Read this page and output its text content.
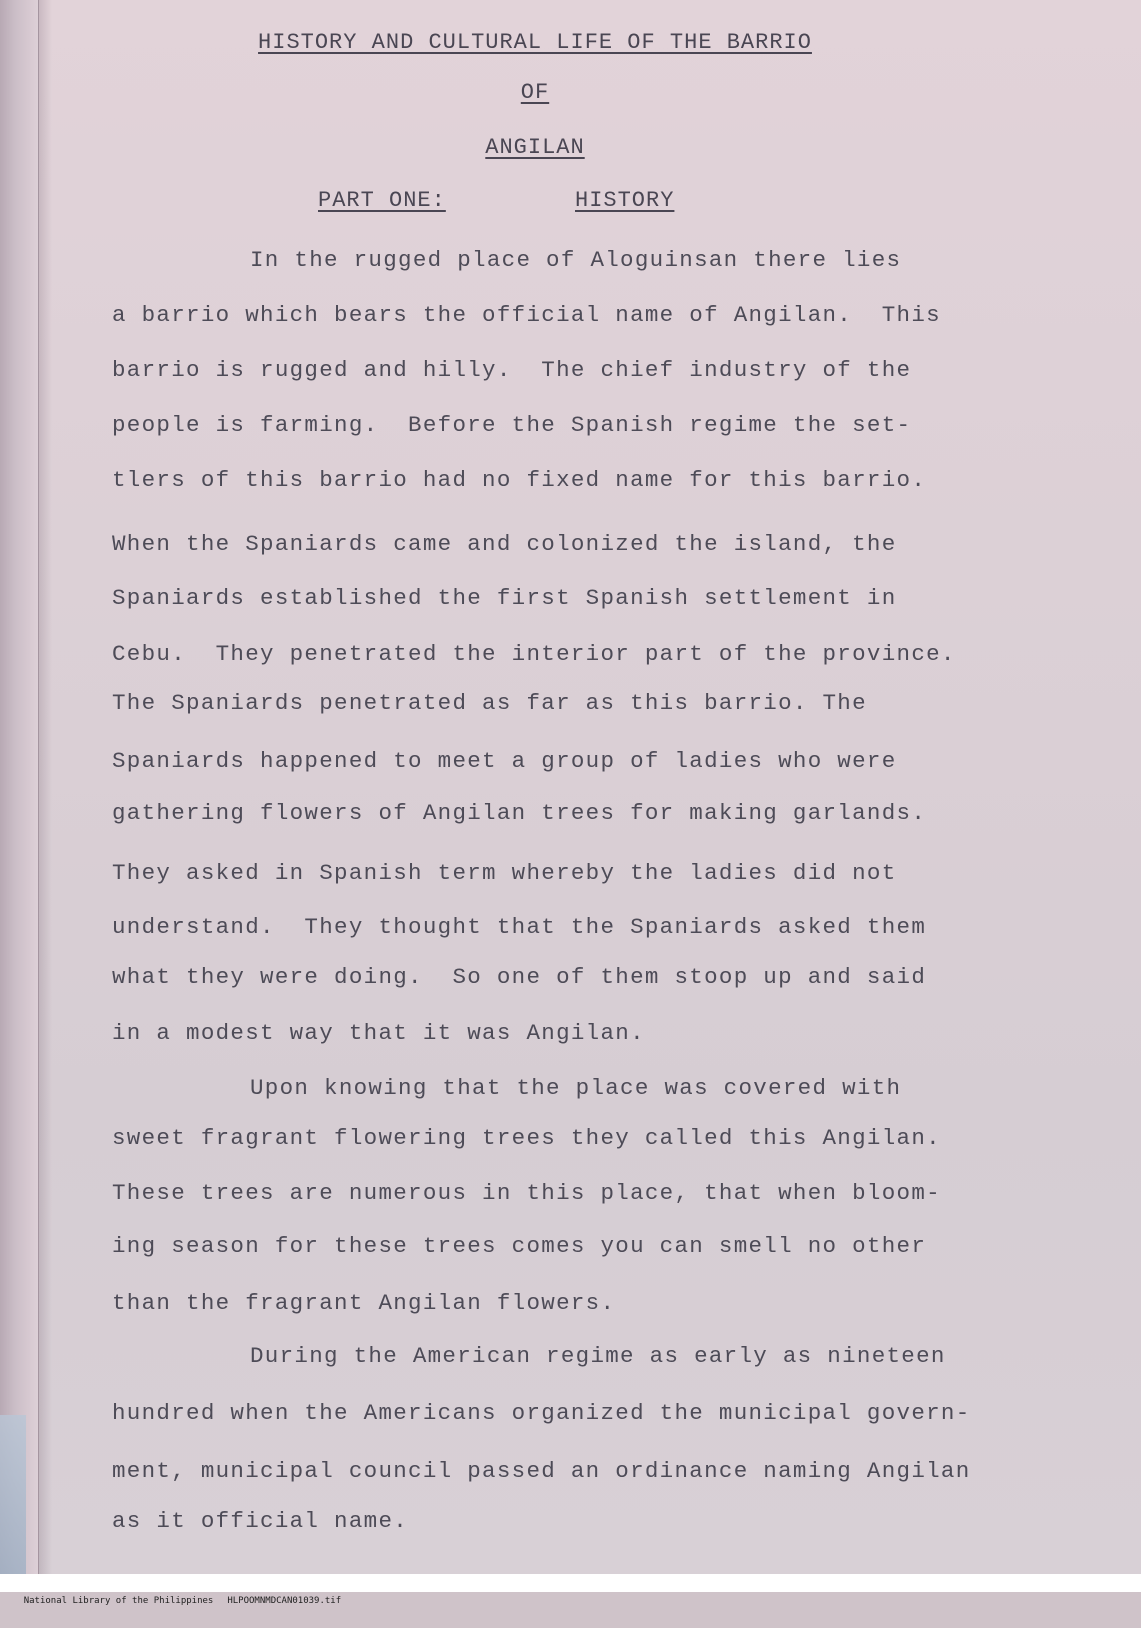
HISTORY AND CULTURAL LIFE OF THE BARRIO
OF
ANGILAN
PART ONE:	HISTORY
In the rugged place of Aloguinsan there lies
a barrio which bears the official name of Angilan.  This
barrio is rugged and hilly.  The chief industry of the
people is farming.  Before the Spanish regime the set-
tlers of this barrio had no fixed name for this barrio.
When the Spaniards came and colonized the island, the
Spaniards established the first Spanish settlement in
Cebu.  They penetrated the interior part of the province.
The Spaniards penetrated as far as this barrio. The
Spaniards happened to meet a group of ladies who were
gathering flowers of Angilan trees for making garlands.
They asked in Spanish term whereby the ladies did not
understand.  They thought that the Spaniards asked them
what they were doing.  So one of them stoop up and said
in a modest way that it was Angilan.
Upon knowing that the place was covered with
sweet fragrant flowering trees they called this Angilan.
These trees are numerous in this place, that when bloom-
ing season for these trees comes you can smell no other
than the fragrant Angilan flowers.
During the American regime as early as nineteen
hundred when the Americans organized the municipal govern-
ment, municipal council passed an ordinance naming Angilan
as it official name.

National Library of the Philippines HLPOOMNMDCAN01039.tif
